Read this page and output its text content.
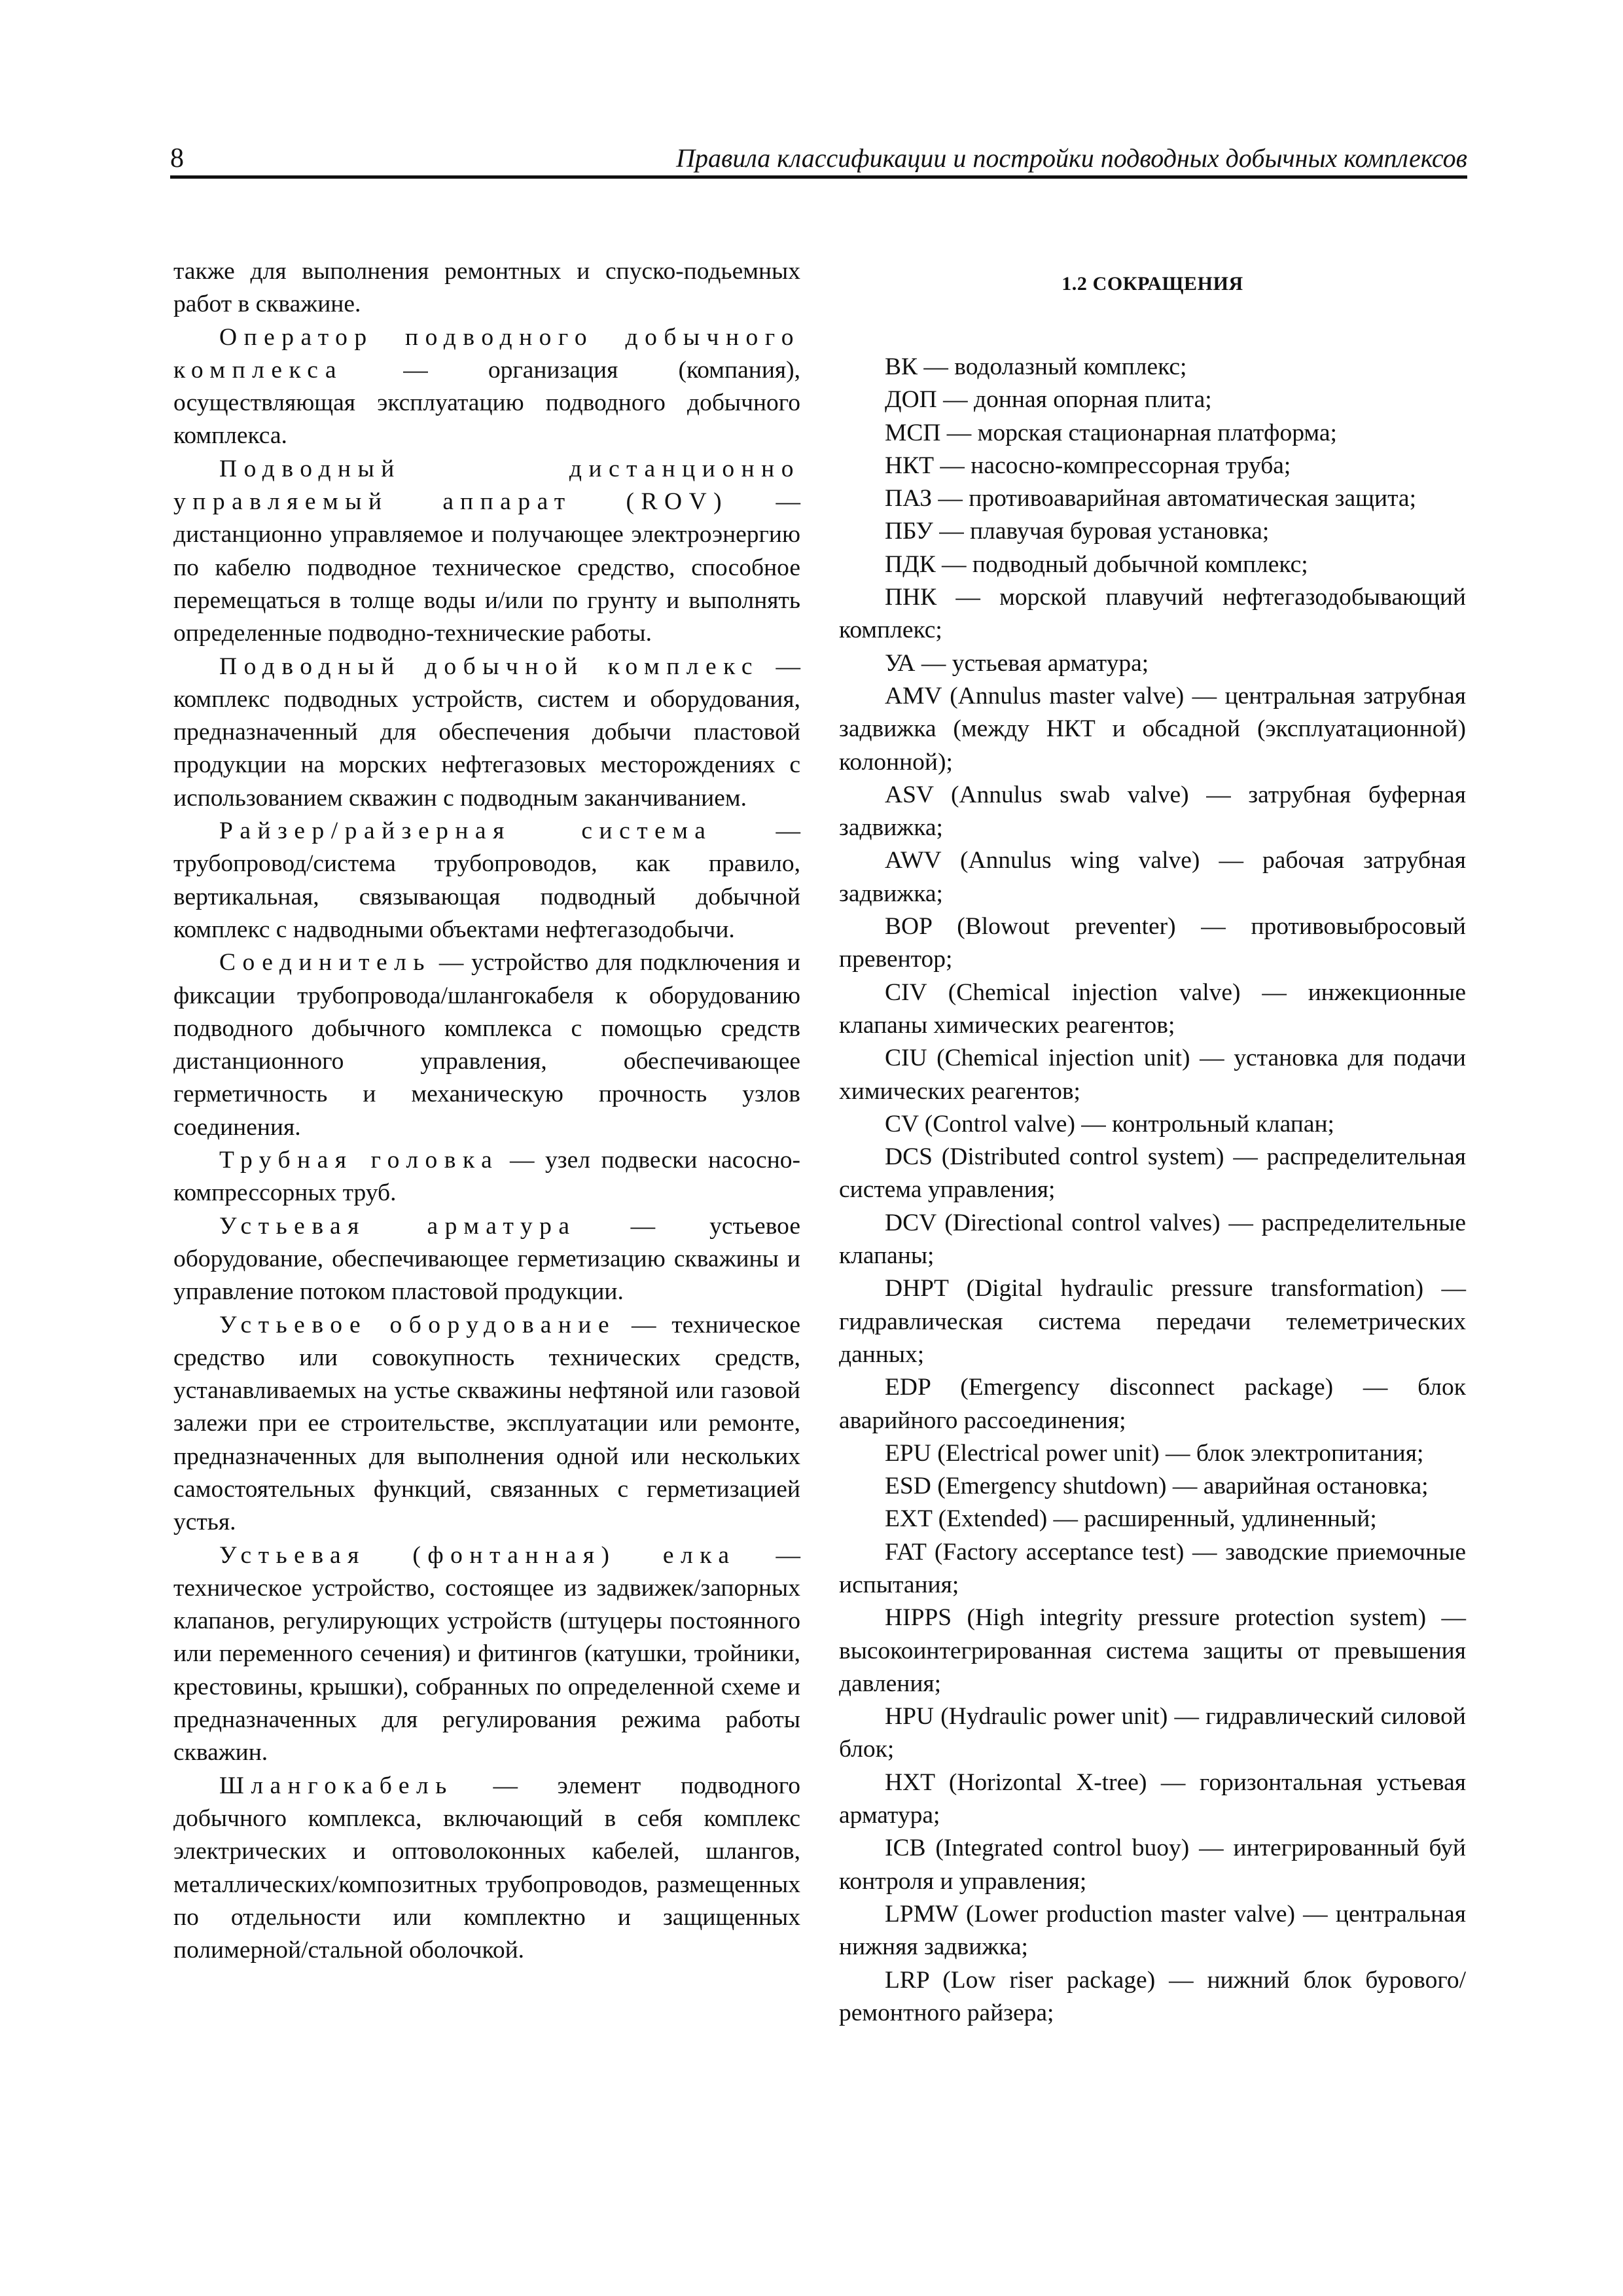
8	Правила классификации и постройки подводных добычных комплексов

также для выполнения ремонтных и спуско-подьемных работ в скважине.

Оператор подводного добычного комплекса — организация (компания), осуществляющая эксплуатацию подводного добычного комплекса.

Подводный дистанционно управляемый аппарат (ROV) — дистанционно управляемое и получающее электроэнергию по кабелю подводное техническое средство, способное перемещаться в толще воды и/или по грунту и выполнять определенные подводно-технические работы.

Подводный добычной комплекс — комплекс подводных устройств, систем и оборудования, предназначенный для обеспечения добычи пластовой продукции на морских нефтегазовых месторождениях с использованием скважин с подводным заканчиванием.

Райзер/райзерная система	— трубопровод/система трубопроводов, как правило, вертикальная, связывающая подводный добычной комплекс с надводными объектами нефтегазодобычи.

Соединитель — устройство для подключения и фиксации трубопровода/шлангокабеля к оборудованию подводного добычного комплекса с помощью средств дистанционного управления, обеспечивающее герметичность и механическую прочность узлов соединения.

Трубная головка — узел подвески насосно-компрессорных труб.

Устьевая арматура — устьевое оборудование, обеспечивающее герметизацию скважины и управление потоком пластовой продукции.

Устьевое оборудование — техническое средство или совокупность технических средств, устанавливаемых на устье скважины нефтяной или газовой залежи при ее строительстве, эксплуатации или ремонте, предназначенных для выполнения одной или нескольких самостоятельных функций, связанных с герметизацией устья.

Устьевая (фонтанная) елка — техническое устройство, состоящее из задвижек/запорных клапанов, регулирующих устройств (штуцеры постоянного или переменного сечения) и фитингов (катушки, тройники, крестовины, крышки), собранных по определенной схеме и предназначенных для регулирования режима работы скважин.

Шлангокабель — элемент подводного добычного комплекса, включающий в себя комплекс электрических и оптоволоконных кабелей, шлангов, металлических/композитных трубопроводов, размещенных по отдельности или комплектно и защищенных полимерной/стальной оболочкой.

1.2 СОКРАЩЕНИЯ

ВК — водолазный комплекс;

ДОП — донная опорная плита;

МСП — морская стационарная платформа;

НКТ — насосно-компрессорная труба;

ПАЗ — противоаварийная автоматическая защита;

ПБУ — плавучая буровая установка;

ПДК — подводный добычной комплекс;

ПНК — морской плавучий нефтегазодобывающий комплекс;

УА — устьевая арматура;

AMV (Annulus master valve) — центральная затрубная задвижка (между НКТ и обсадной (эксплуатационной) колонной);

ASV (Annulus swab valve) — затрубная буферная задвижка;

AWV (Annulus wing valve) — рабочая затрубная задвижка;

BOP (Blowout preventer) — противовыбросовый превентор;

CIV (Chemical injection valve) — инжекционные клапаны химических реагентов;

CIU (Chemical injection unit) — установка для подачи химических реагентов;

CV (Control valve) — контрольный клапан;

DCS (Distributed control system) — распределительная система управления;

DCV (Directional control valves) — распределительные клапаны;

DHPT (Digital hydraulic pressure transformation) — гидравлическая система передачи телеметрических данных;

EDP (Emergency disconnect package) — блок аварийного рассоединения;

EPU (Electrical power unit) — блок электропитания;

ESD (Emergency shutdown) — аварийная остановка;

EXT (Extended) — расширенный, удлиненный;

FAT (Factory acceptance test) — заводские приемочные испытания;

HIPPS (High integrity pressure protection system) — высокоинтегрированная система защиты от превышения давления;

HPU (Hydraulic power unit) — гидравлический силовой блок;

HXT (Horizontal X-tree) — горизонтальная устьевая арматура;

ICB (Integrated control buoy) — интегрированный буй контроля и управления;

LPMW (Lower production master valve) — центральная нижняя задвижка;

LRP (Low riser package) — нижний блок бурового/ремонтного райзера;
